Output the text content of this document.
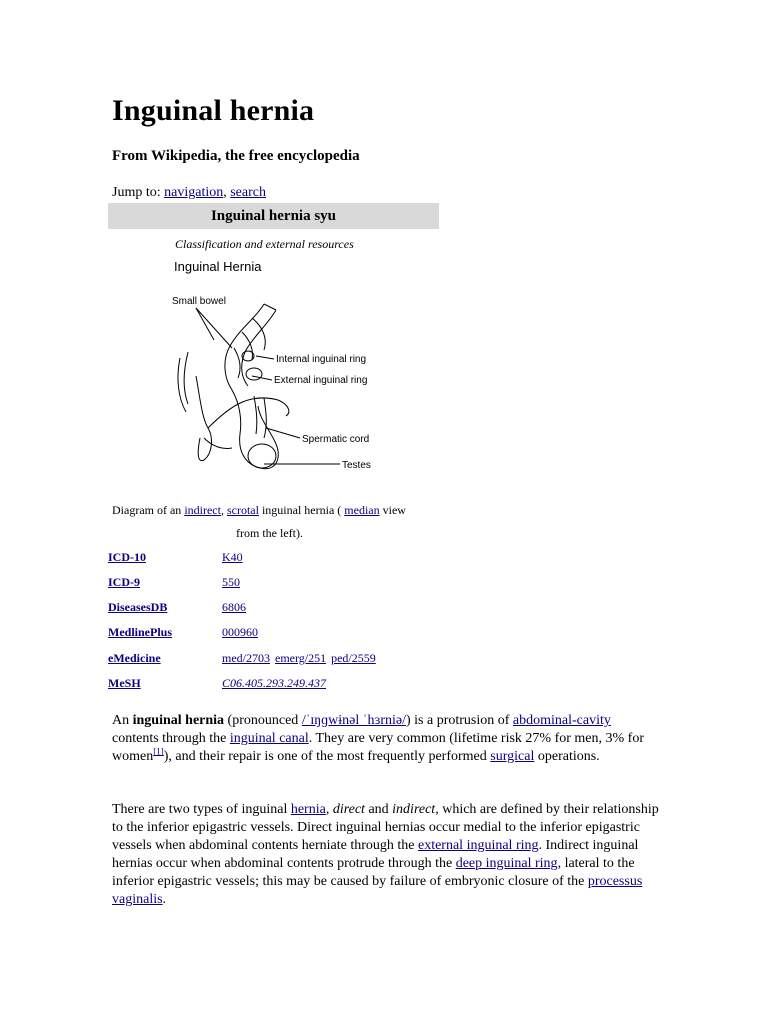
Inguinal hernia
From Wikipedia, the free encyclopedia
Jump to: navigation, search
Inguinal hernia syu
Classification and external resources
Inguinal Hernia
Small bowel
Internal inguinal ring
External inguinal ring
Spermatic cord
Testes
Diagram of an indirect, scrotal inguinal hernia ( median view
from the left).
ICD-10	K40
ICD-9	550
DiseasesDB	6806
MedlinePlus	000960
eMedicine	med/2703 emerg/251 ped/2559
MeSH	C06.405.293.249.437

An inguinal hernia (pronounced /ˈɪŋɡwɨnəl ˈhɜrniə/) is a protrusion of abdominal-cavity contents through the inguinal canal. They are very common (lifetime risk 27% for men, 3% for women[1]), and their repair is one of the most frequently performed surgical operations.

There are two types of inguinal hernia, direct and indirect, which are defined by their relationship to the inferior epigastric vessels. Direct inguinal hernias occur medial to the inferior epigastric vessels when abdominal contents herniate through the external inguinal ring. Indirect inguinal hernias occur when abdominal contents protrude through the deep inguinal ring, lateral to the inferior epigastric vessels; this may be caused by failure of embryonic closure of the processus vaginalis.
